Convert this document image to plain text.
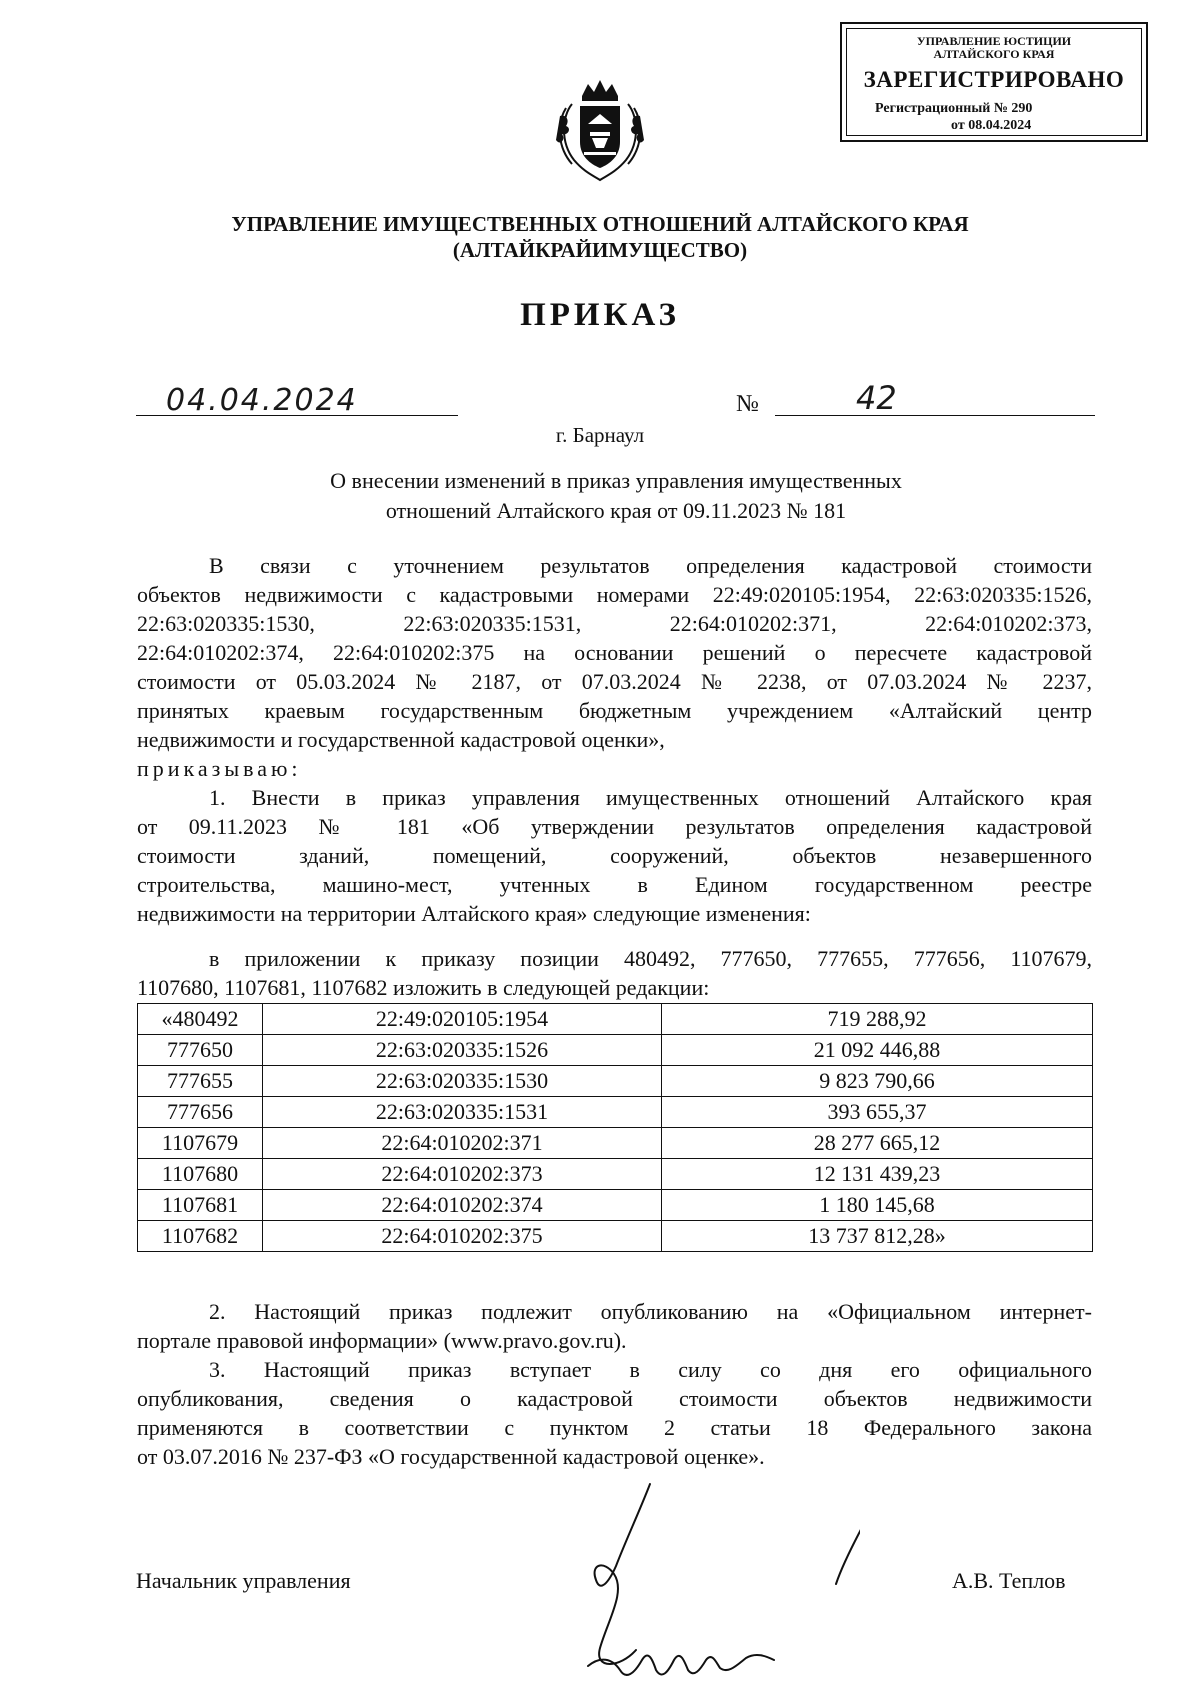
УПРАВЛЕНИЕ ЮСТИЦИИ
АЛТАЙСКОГО КРАЯ
ЗАРЕГИСТРИРОВАНО
Регистрационный № 290
от 08.04.2024
УПРАВЛЕНИЕ ИМУЩЕСТВЕННЫХ ОТНОШЕНИЙ АЛТАЙСКОГО КРАЯ
(АЛТАЙКРАЙИМУЩЕСТВО)
ПРИКАЗ
04.04.2024	№	42
г. Барнаул
О внесении изменений в приказ управления имущественных
отношений Алтайского края от 09.11.2023 № 181
В связи с уточнением результатов определения кадастровой стоимости
объектов недвижимости с кадастровыми номерами 22:49:020105:1954, 22:63:020335:1526,
22:63:020335:1530, 22:63:020335:1531, 22:64:010202:371, 22:64:010202:373,
22:64:010202:374, 22:64:010202:375 на основании решений о пересчете кадастровой
стоимости от 05.03.2024 № 2187, от 07.03.2024 № 2238, от 07.03.2024 № 2237,
принятых краевым государственным бюджетным учреждением «Алтайский центр
недвижимости и государственной кадастровой оценки»,
приказываю:
1. Внести в приказ управления имущественных отношений Алтайского края
от 09.11.2023 № 181 «Об утверждении результатов определения кадастровой
стоимости зданий, помещений, сооружений, объектов незавершенного
строительства, машино-мест, учтенных в Едином государственном реестре
недвижимости на территории Алтайского края» следующие изменения:
в приложении к приказу позиции 480492, 777650, 777655, 777656, 1107679,
1107680, 1107681, 1107682 изложить в следующей редакции:
«480492	22:49:020105:1954	719 288,92
777650	22:63:020335:1526	21 092 446,88
777655	22:63:020335:1530	9 823 790,66
777656	22:63:020335:1531	393 655,37
1107679	22:64:010202:371	28 277 665,12
1107680	22:64:010202:373	12 131 439,23
1107681	22:64:010202:374	1 180 145,68
1107682	22:64:010202:375	13 737 812,28»
2. Настоящий приказ подлежит опубликованию на «Официальном интернет-
портале правовой информации» (www.pravo.gov.ru).
3. Настоящий приказ вступает в силу со дня его официального
опубликования, сведения о кадастровой стоимости объектов недвижимости
применяются в соответствии с пунктом 2 статьи 18 Федерального закона
от 03.07.2016 № 237-ФЗ «О государственной кадастровой оценке».
Начальник управления	А.В. Теплов
